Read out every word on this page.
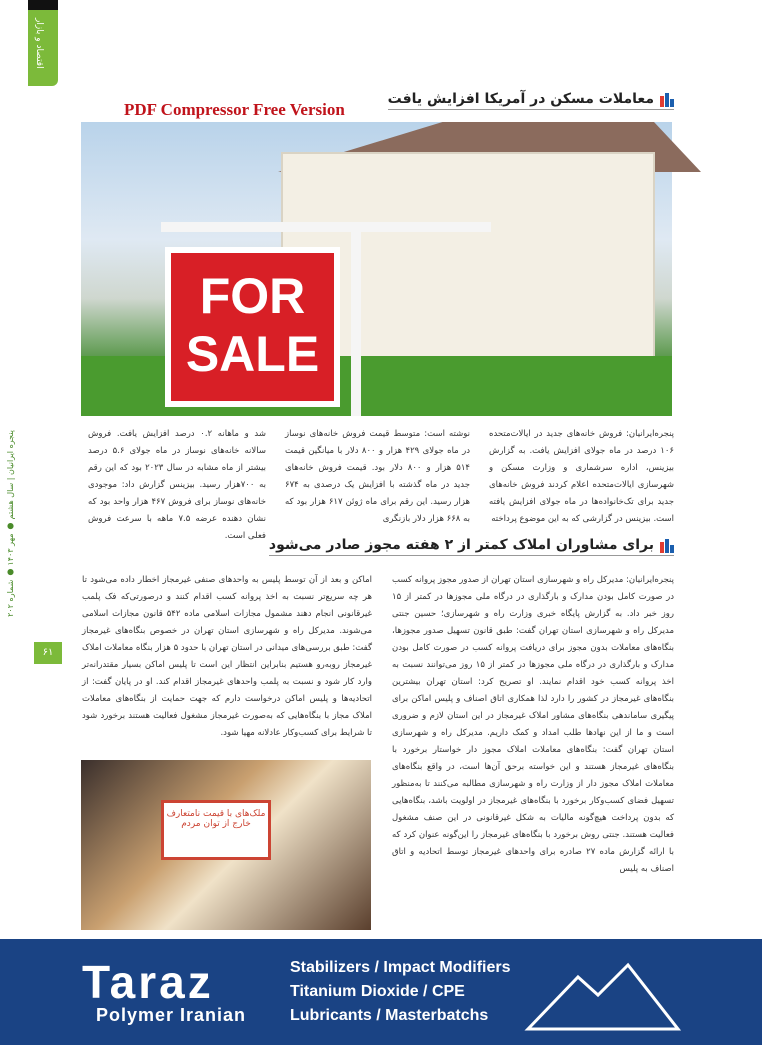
اقتصاد و بازار
PDF Compressor Free Version
معاملات مسکن در آمریکا افزایش یافت
FOR SALE
پنجره‌ایرانیان: فروش خانه‌های جدید در ایالات‌متحده ۱۰۶ درصد در ماه جولای افزایش یافت. به گزارش بیزینس، اداره سرشماری و وزارت مسکن و شهرسازی ایالات‌متحده اعلام کردند فروش خانه‌های جدید برای تک‌خانواده‌ها در ماه جولای افزایش یافته است. بیزینس در گزارشی که به این موضوع پرداخته
نوشته است: متوسط قیمت فروش خانه‌های نوساز در ماه جولای ۴۲۹ هزار و ۸۰۰ دلار با میانگین قیمت ۵۱۴ هزار و ۸۰۰ دلار بود. قیمت فروش خانه‌های جدید در ماه گذشته با افزایش یک درصدی به ۶۷۴ هزار رسید. این رقم برای ماه ژوئن ۶۱۷ هزار بود که به ۶۶۸ هزار دلار بازنگری
شد و ماهانه ۰.۲ درصد افزایش یافت. فروش سالانه خانه‌های نوساز در ماه جولای ۵.۶ درصد بیشتر از ماه مشابه در سال ۲۰۲۳ بود که این رقم به ۷۰۰هزار رسید. بیزینس گزارش داد: موجودی خانه‌های نوساز برای فروش ۴۶۷ هزار واحد بود که نشان دهنده عرضه ۷.۵ ماهه با سرعت فروش فعلی است.
برای مشاوران املاک کمتر از ۲ هفته مجوز صادر می‌شود
پنجره‌ایرانیان: مدیرکل راه و شهرسازی استان تهران از صدور مجوز پروانه کسب در صورت کامل بودن مدارک و بارگذاری در درگاه ملی مجوزها در کمتر از ۱۵ روز خبر داد. به گزارش پایگاه خبری وزارت راه و شهرسازی؛ حسین جنتی مدیرکل راه و شهرسازی استان تهران گفت: طبق قانون تسهیل صدور مجوزها، بنگاه‌های معاملات بدون مجوز برای دریافت پروانه کسب در صورت کامل بودن مدارک و بارگذاری در درگاه ملی مجوزها در کمتر از ۱۵ روز می‌توانند نسبت به اخذ پروانه کسب خود اقدام نمایند. او تصریح کرد: استان تهران بیشترین بنگاه‌های غیرمجاز در کشور را دارد لذا همکاری اتاق اصناف و پلیس اماکن برای پیگیری ساماندهی بنگاه‌های مشاور املاک غیرمجاز در این استان لازم و ضروری است و ما از این نهادها طلب امداد و کمک داریم. مدیرکل راه و شهرسازی استان تهران گفت: بنگاه‌های معاملات املاک مجوز دار خواستار برخورد با بنگاه‌های غیرمجاز هستند و این خواسته برحق آن‌ها است، در واقع بنگاه‌های معاملات املاک مجوز دار از وزارت راه و شهرسازی مطالبه می‌کنند تا به‌منظور تسهیل فضای کسب‌وکار برخورد با بنگاه‌های غیرمجاز در اولویت باشد، بنگاه‌هایی که بدون پرداخت هیچ‌گونه مالیات به شکل غیرقانونی در این صنف مشغول فعالیت هستند. جنتی روش برخورد با بنگاه‌های غیرمجاز را این‌گونه عنوان کرد که با ارائه گزارش ماده ۲۷ صادره برای واحدهای غیرمجاز توسط اتحادیه و اتاق اصناف به پلیس
اماکن و بعد از آن توسط پلیس به واحدهای صنفی غیرمجاز اخطار داده می‌شود تا هر چه سریع‌تر نسبت به اخذ پروانه کسب اقدام کنند و درصورتی‌که فک پلمب غیرقانونی انجام دهند مشمول مجازات اسلامی ماده ۵۴۲ قانون مجازات اسلامی می‌شوند. مدیرکل راه و شهرسازی استان تهران در خصوص بنگاه‌های غیرمجاز گفت: طبق بررسی‌های میدانی در استان تهران با حدود ۵ هزار بنگاه معاملات املاک غیرمجاز روبه‌رو هستیم بنابراین انتظار این است تا پلیس اماکن بسیار مقتدرانه‌تر وارد کار شود و نسبت به پلمب واحدهای غیرمجاز اقدام کند. او در پایان گفت: از اتحادیه‌ها و پلیس اماکن درخواست دارم که جهت حمایت از بنگاه‌های معاملات املاک مجاز با بنگاه‌هایی که به‌صورت غیرمجاز مشغول فعالیت هستند برخورد شود تا شرایط برای کسب‌وکار عادلانه مهیا شود.
ملک‌های با قیمت نامتعارف خارج از توان مردم
پنجره ایرانیان | سال هشتم ● مهر ۱۴۰۳ ● شماره ۲۰۲
۶۱
Taraz
Polymer Iranian
Stabilizers / Impact Modifiers
Titanium Dioxide / CPE
Lubricants / Masterbatchs
